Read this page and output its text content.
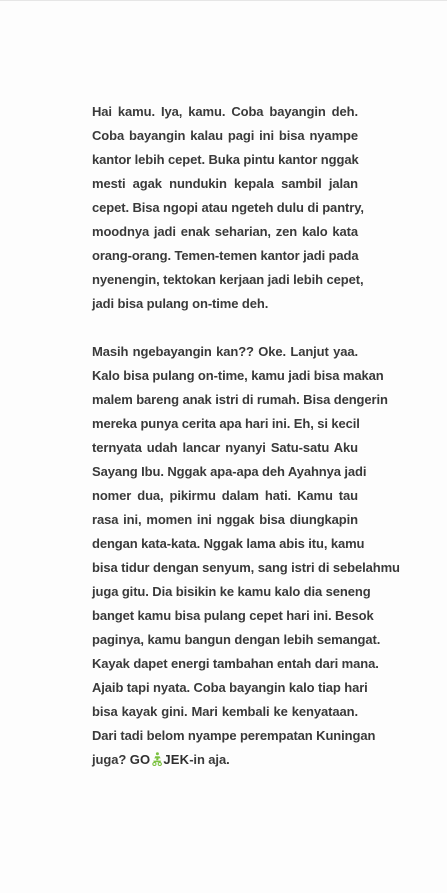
Hai kamu. Iya, kamu. Coba bayangin deh.
Coba bayangin kalau pagi ini bisa nyampe
kantor lebih cepet. Buka pintu kantor nggak
mesti agak nundukin kepala sambil jalan
cepet. Bisa ngopi atau ngeteh dulu di pantry,
moodnya jadi enak seharian, zen kalo kata
orang-orang. Temen-temen kantor jadi pada
nyenengin, tektokan kerjaan jadi lebih cepet,
jadi bisa pulang on-time deh.
Masih ngebayangin kan?? Oke. Lanjut yaa.
Kalo bisa pulang on-time, kamu jadi bisa makan
malem bareng anak istri di rumah. Bisa dengerin
mereka punya cerita apa hari ini. Eh, si kecil
ternyata udah lancar nyanyi Satu-satu Aku
Sayang Ibu. Nggak apa-apa deh Ayahnya jadi
nomer dua, pikirmu dalam hati. Kamu tau
rasa ini, momen ini nggak bisa diungkapin
dengan kata-kata. Nggak lama abis itu, kamu
bisa tidur dengan senyum, sang istri di sebelahmu
juga gitu. Dia bisikin ke kamu kalo dia seneng
banget kamu bisa pulang cepet hari ini. Besok
paginya, kamu bangun dengan lebih semangat.
Kayak dapet energi tambahan entah dari mana.
Ajaib tapi nyata. Coba bayangin kalo tiap hari
bisa kayak gini. Mari kembali ke kenyataan.
Dari tadi belom nyampe perempatan Kuningan
juga? GO JEK-in aja.
